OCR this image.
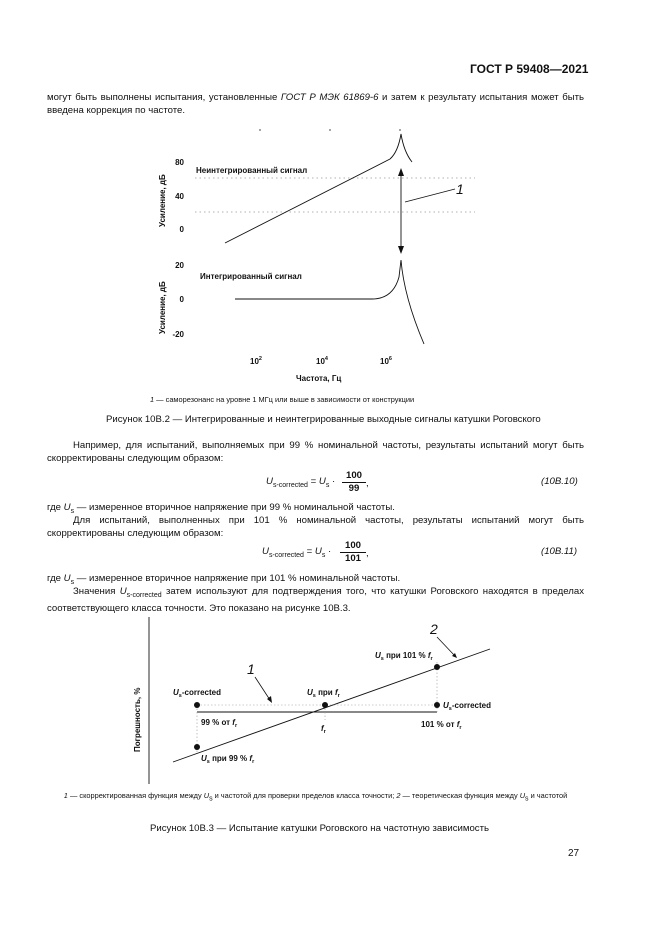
ГОСТ Р 59408—2021
могут быть выполнены испытания, установленные ГОСТ Р МЭК 61869-6 и затем к результату испытания может быть введена коррекция по частоте.
80
40
0
20
0
-20
Неинтегрированный сигнал
Интегрированный сигнал
Усиление, дБ
Усиление, дБ
$10^2$	$10^4$	$10^6$
Частота, Гц
1
1 — саморезонанс на уровне 1 МГц или выше в зависимости от конструкции
Рисунок 10B.2 — Интегрированные и неинтегрированные выходные сигналы катушки Роговского
Например, для испытаний, выполняемых при 99 % номинальной частоты, результаты испытаний могут быть скорректированы следующим образом:
$U_{s-corrected} = U_s$ ·
100
99 ,	(10B.10)
где $U_s$ — измеренное вторичное напряжение при 99 % номинальной частоты.
Для испытаний, выполненных при 101 % номинальной частоты, результаты испытаний могут быть скорректированы следующим образом:
$U_{s-corrected} = U_s$ ·
100
101 ,	(10B.11)
где $U_s$ — измеренное вторичное напряжение при 101 % номинальной частоты.
Значения $U_{s-corrected}$ затем используют для подтверждения того, что катушки Роговского находятся в пределах соответствующего класса точности. Это показано на рисунке 10B.3.
Погрешность, %
1
2
$U_s$-corrected
$U_s$-corrected
$U_s$ при 101 % $f_r$
$U_s$ при $f_r$
$U_s$ при 99 % $f_r$
99 % от $f_r$	$f_r$
101 % от $f_r$
1 — скорректированная функция между $U_s$ и частотой для проверки пределов класса точности; 2 — теоретическая функция между $U_s$ и частотой
Рисунок 10B.3 — Испытание катушки Роговского на частотную зависимость
27
